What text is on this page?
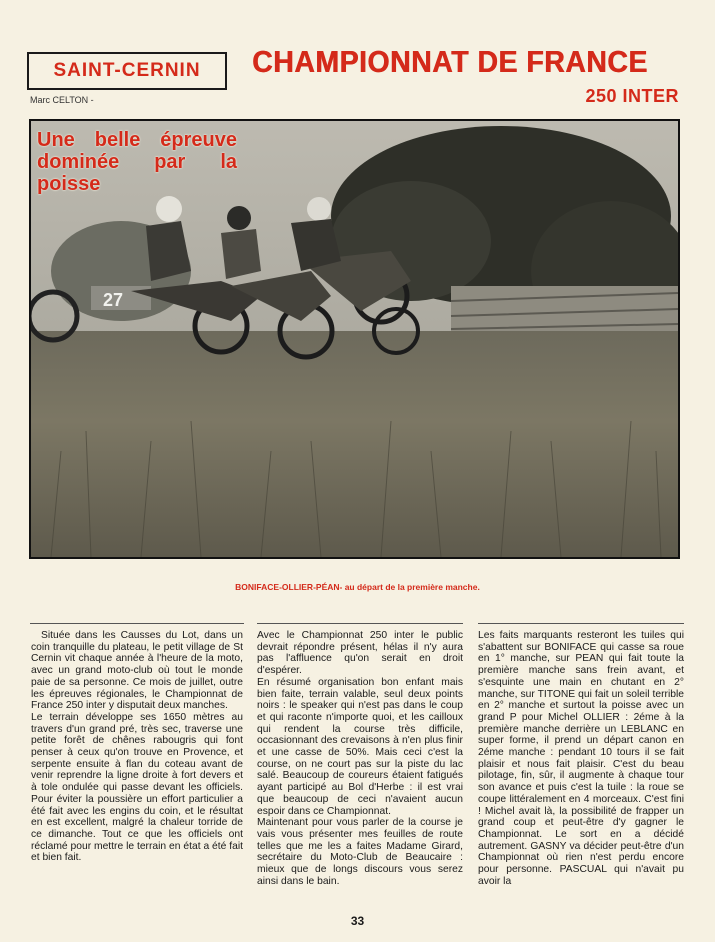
SAINT-CERNIN
Marc CELTON -
CHAMPIONNAT DE FRANCE
250 INTER
27
Une belle épreuve
dominée par la
poisse
BONIFACE-OLLIER-PÉAN- au départ de la première manche.

Située dans les Causses du Lot, dans un coin tranquille du plateau, le petit village de St Cernin vit chaque année à l'heure de la moto, avec un grand moto-club où tout le monde paie de sa personne. Ce mois de juillet, outre les épreuves régionales, le Championnat de France 250 inter y disputait deux manches.

Le terrain développe ses 1650 mètres au travers d'un grand pré, très sec, traverse une petite forêt de chênes rabougris qui font penser à ceux qu'on trouve en Provence, et serpente ensuite à flan du coteau avant de venir reprendre la ligne droite à fort devers et à tole ondulée qui passe devant les officiels. Pour éviter la poussière un effort particulier a été fait avec les engins du coin, et le résultat en est excellent, malgré la chaleur torride de ce dimanche. Tout ce que les officiels ont réclamé pour mettre le terrain en état a été fait et bien fait.

Avec le Championnat 250 inter le public devrait répondre présent, hélas il n'y aura pas l'affluence qu'on serait en droit d'espérer.

En résumé organisation bon enfant mais bien faite, terrain valable, seul deux points noirs : le speaker qui n'est pas dans le coup et qui raconte n'importe quoi, et les cailloux qui rendent la course très difficile, occasionnant des crevaisons à n'en plus finir et une casse de 50%. Mais ceci c'est la course, on ne court pas sur la piste du lac salé. Beaucoup de coureurs étaient fatigués ayant participé au Bol d'Herbe : il est vrai que beaucoup de ceci n'avaient aucun espoir dans ce Championnat.

Maintenant pour vous parler de la course je vais vous présenter mes feuilles de route telles que me les a faites Madame Girard, secrétaire du Moto-Club de Beaucaire : mieux que de longs discours vous serez ainsi dans le bain.

Les faits marquants resteront les tuiles qui s'abattent sur BONIFACE qui casse sa roue en 1° manche, sur PEAN qui fait toute la première manche sans frein avant, et s'esquinte une main en chutant en 2° manche, sur TITONE qui fait un soleil terrible en 2° manche et surtout la poisse avec un grand P pour Michel OLLIER : 2éme à la première manche derrière un LEBLANC en super forme, il prend un départ canon en 2éme manche : pendant 10 tours il se fait plaisir et nous fait plaisir. C'est du beau pilotage, fin, sûr, il augmente à chaque tour son avance et puis c'est la tuile : la roue se coupe littéralement en 4 morceaux. C'est fini ! Michel avait là, la possibilité de frapper un grand coup et peut-être d'y gagner le Championnat. Le sort en a décidé autrement. GASNY va décider peut-être d'un Championnat où rien n'est perdu encore pour personne. PASCUAL qui n'avait pu avoir la

33
